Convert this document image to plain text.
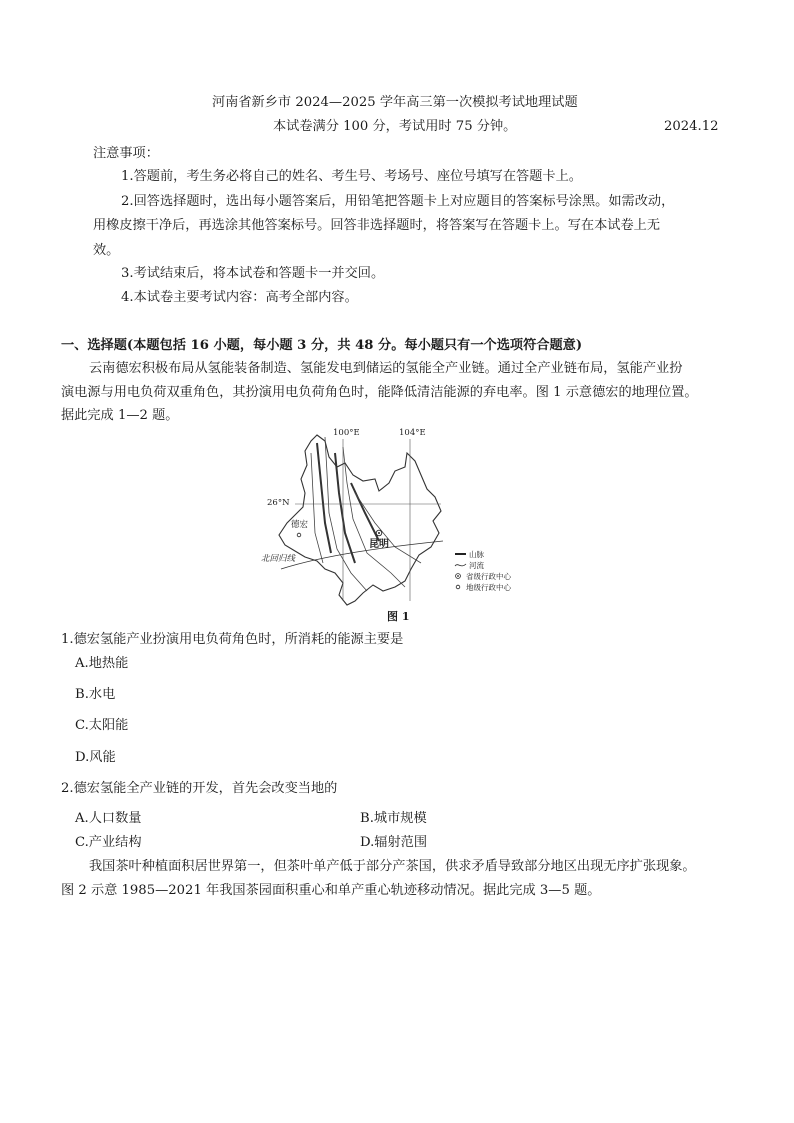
河南省新乡市 2024—2025 学年高三第一次模拟考试地理试题
本试卷满分 100 分，考试用时 75 分钟。	2024.12
注意事项：
1.答题前，考生务必将自己的姓名、考生号、考场号、座位号填写在答题卡上。
2.回答选择题时，选出每小题答案后，用铅笔把答题卡上对应题目的答案标号涂黑。如需改动，
用橡皮擦干净后，再选涂其他答案标号。回答非选择题时，将答案写在答题卡上。写在本试卷上无
效。
3.考试结束后，将本试卷和答题卡一并交回。
4.本试卷主要考试内容：高考全部内容。
一、选择题(本题包括 16 小题，每小题 3 分，共 48 分。每小题只有一个选项符合题意)
云南德宏积极布局从氢能装备制造、氢能发电到储运的氢能全产业链。通过全产业链布局，氢能产业扮
演电源与用电负荷双重角色，其扮演用电负荷角色时，能降低清洁能源的弃电率。图 1 示意德宏的地理位置。
据此完成 1—2 题。
100°E	104°E
26°N
德宏
昆明
北回归线	山脉
河流
省级行政中心
地级行政中心
图 1
1.德宏氢能产业扮演用电负荷角色时，所消耗的能源主要是
A.地热能
B.水电
C.太阳能
D.风能
2.德宏氢能全产业链的开发，首先会改变当地的
A.人口数量	B.城市规模
C.产业结构	D.辐射范围
我国茶叶种植面积居世界第一，但茶叶单产低于部分产茶国，供求矛盾导致部分地区出现无序扩张现象。
图 2 示意 1985—2021 年我国茶园面积重心和单产重心轨迹移动情况。据此完成 3—5 题。
